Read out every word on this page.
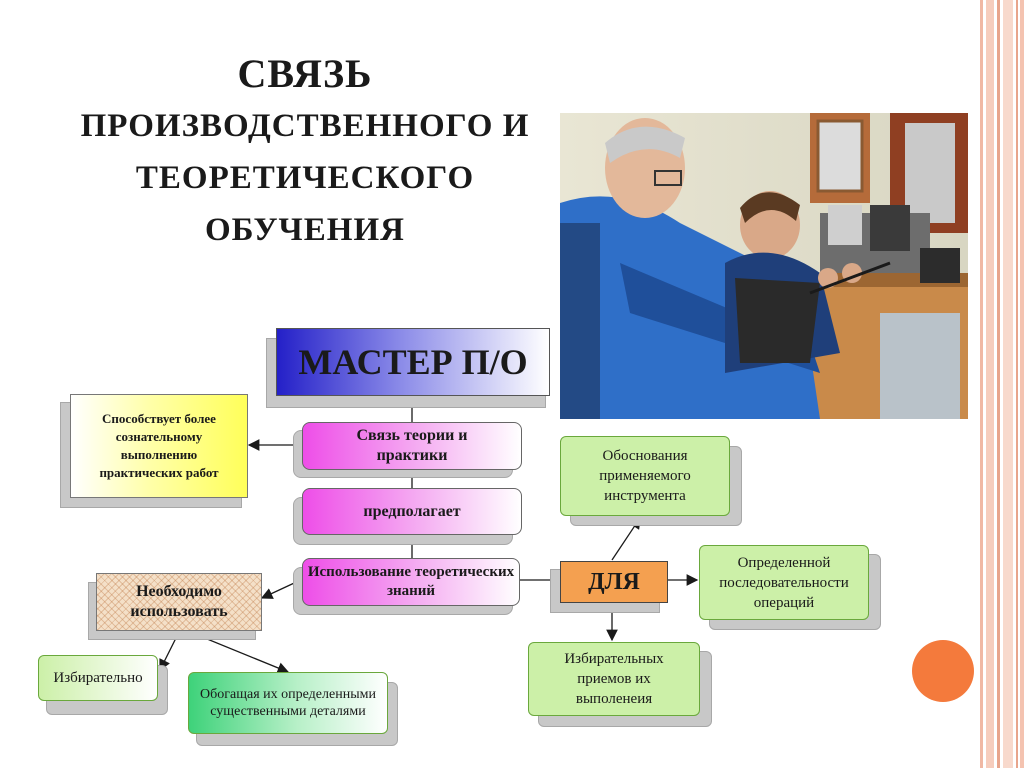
СВЯЗЬ
ПРОИЗВОДСТВЕННОГО И ТЕОРЕТИЧЕСКОГО ОБУЧЕНИЯ
МАСТЕР П/О
Связь теории и практики
Способствует более сознательному выполнению практических работ
предполагает
Использование теоретических знаний	ДЛЯ
Необходимо использовать
Избирательно
Обогащая их определенными существенными деталями
Обоснования применяемого инструмента
Определенной последовательности операций
Избирательных приемов их выполенеия
